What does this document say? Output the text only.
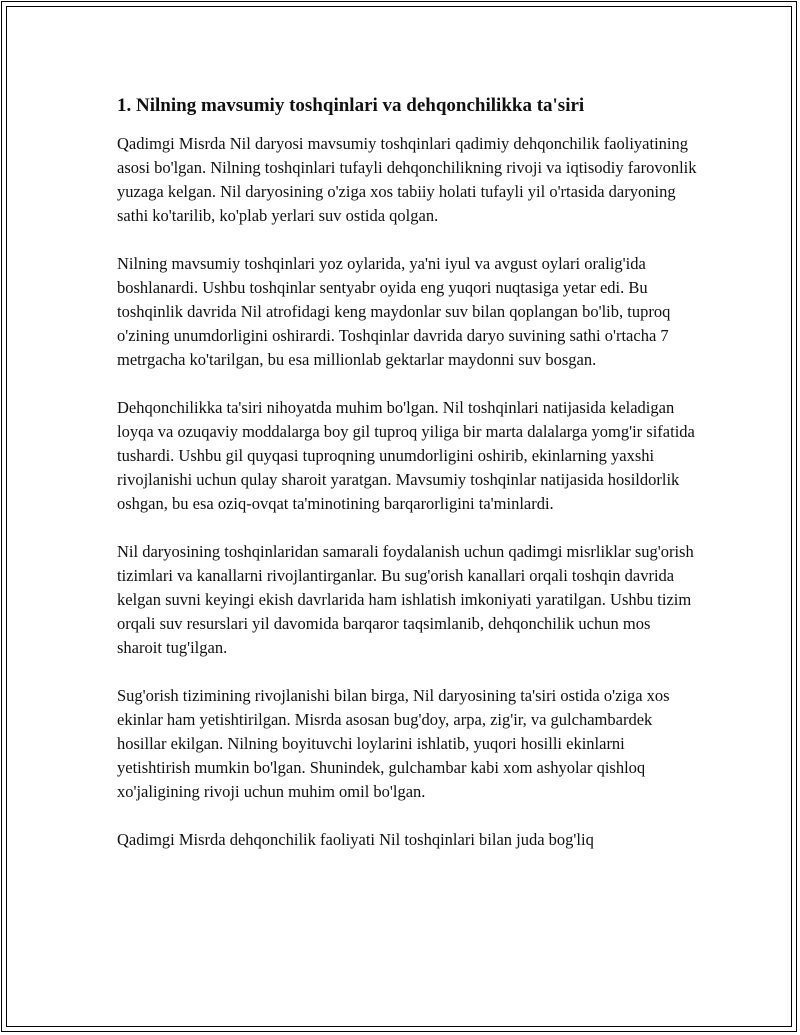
1. Nilning mavsumiy toshqinlari va dehqonchilikka ta'siri

Qadimgi Misrda Nil daryosi mavsumiy toshqinlari qadimiy dehqonchilik faoliyatining asosi bo'lgan. Nilning toshqinlari tufayli dehqonchilikning rivoji va iqtisodiy farovonlik yuzaga kelgan. Nil daryosining o'ziga xos tabiiy holati tufayli yil o'rtasida daryoning sathi ko'tarilib, ko'plab yerlari suv ostida qolgan.

Nilning mavsumiy toshqinlari yoz oylarida, ya'ni iyul va avgust oylari oralig'ida boshlanardi. Ushbu toshqinlar sentyabr oyida eng yuqori nuqtasiga yetar edi. Bu toshqinlik davrida Nil atrofidagi keng maydonlar suv bilan qoplangan bo'lib, tuproq o'zining unumdorligini oshirardi. Toshqinlar davrida daryo suvining sathi o'rtacha 7 metrgacha ko'tarilgan, bu esa millionlab gektarlar maydonni suv bosgan.

Dehqonchilikka ta'siri nihoyatda muhim bo'lgan. Nil toshqinlari natijasida keladigan loyqa va ozuqaviy moddalarga boy gil tuproq yiliga bir marta dalalarga yomg'ir sifatida tushardi. Ushbu gil quyqasi tuproqning unumdorligini oshirib, ekinlarning yaxshi rivojlanishi uchun qulay sharoit yaratgan. Mavsumiy toshqinlar natijasida hosildorlik oshgan, bu esa oziq-ovqat ta'minotining barqarorligini ta'minlardi.

Nil daryosining toshqinlaridan samarali foydalanish uchun qadimgi misrliklar sug'orish tizimlari va kanallarni rivojlantirganlar. Bu sug'orish kanallari orqali toshqin davrida kelgan suvni keyingi ekish davrlarida ham ishlatish imkoniyati yaratilgan. Ushbu tizim orqali suv resurslari yil davomida barqaror taqsimlanib, dehqonchilik uchun mos sharoit tug'ilgan.

Sug'orish tizimining rivojlanishi bilan birga, Nil daryosining ta'siri ostida o'ziga xos ekinlar ham yetishtirilgan. Misrda asosan bug'doy, arpa, zig'ir, va gulchambardek hosillar ekilgan. Nilning boyituvchi loylarini ishlatib, yuqori hosilli ekinlarni yetishtirish mumkin bo'lgan. Shunindek, gulchambar kabi xom ashyolar qishloq xo'jaligining rivoji uchun muhim omil bo'lgan.

Qadimgi Misrda dehqonchilik faoliyati Nil toshqinlari bilan juda bog'liq
